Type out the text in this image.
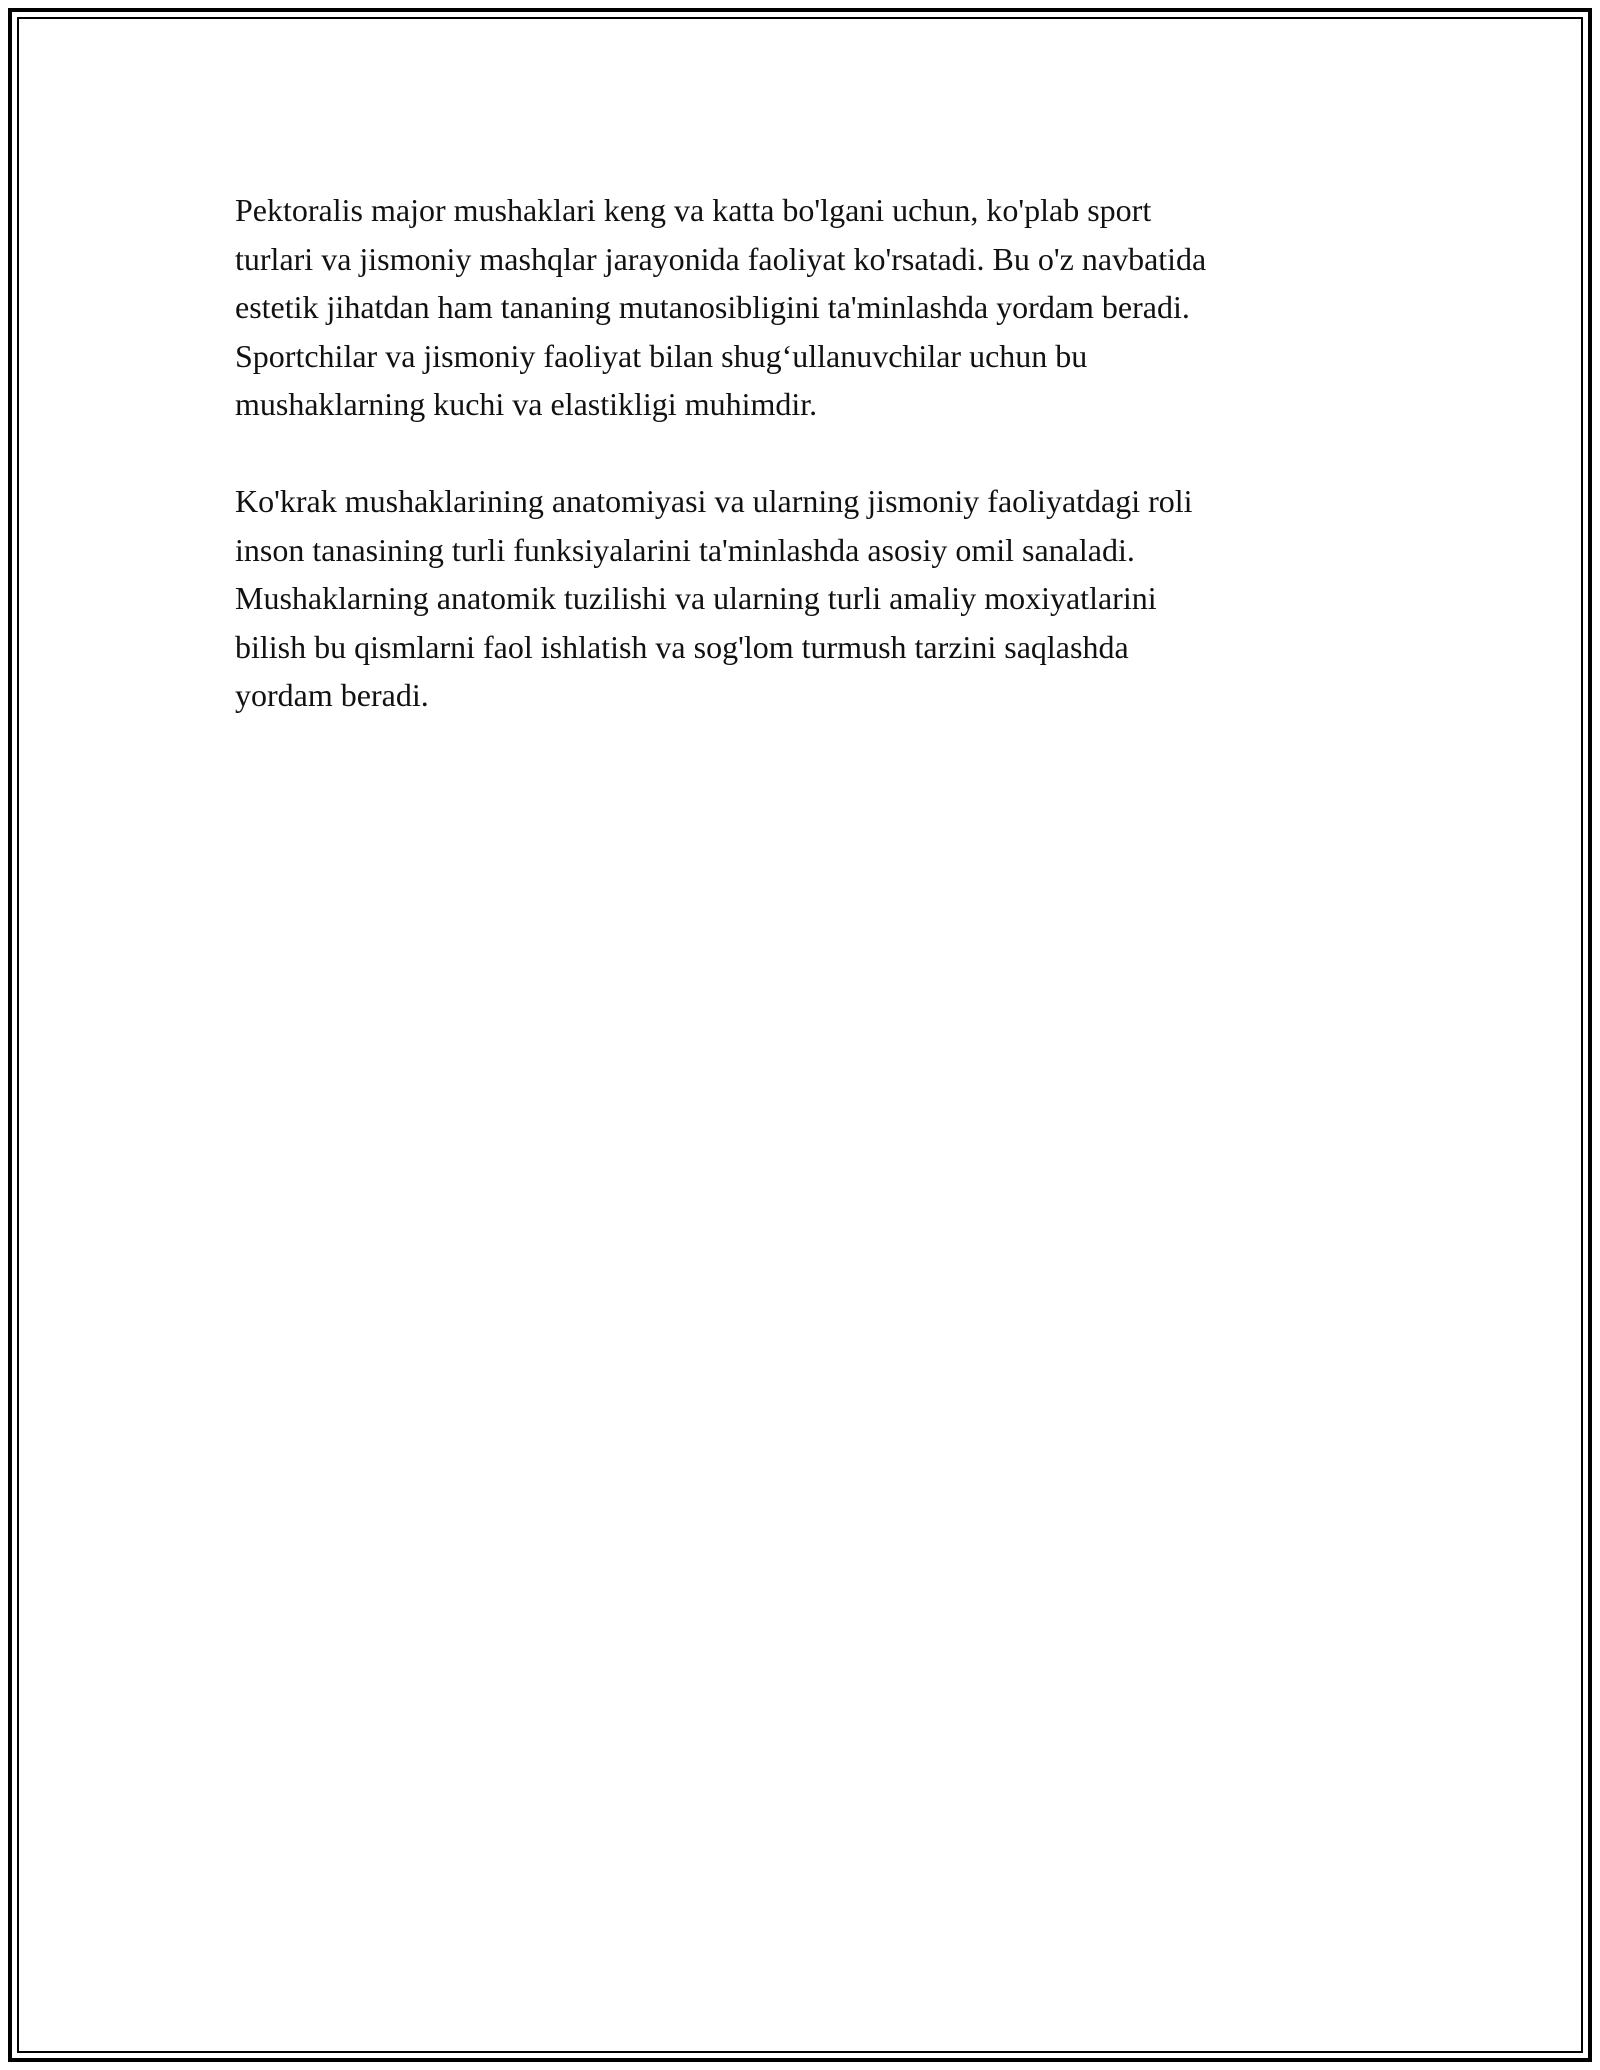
Pektoralis major mushaklari keng va katta bo'lgani uchun, ko'plab sport
turlari va jismoniy mashqlar jarayonida faoliyat ko'rsatadi. Bu o'z navbatida
estetik jihatdan ham tananing mutanosibligini ta'minlashda yordam beradi.
Sportchilar va jismoniy faoliyat bilan shug‘ullanuvchilar uchun bu
mushaklarning kuchi va elastikligi muhimdir.

Ko'krak mushaklarining anatomiyasi va ularning jismoniy faoliyatdagi roli
inson tanasining turli funksiyalarini ta'minlashda asosiy omil sanaladi.
Mushaklarning anatomik tuzilishi va ularning turli amaliy moxiyatlarini
bilish bu qismlarni faol ishlatish va sog'lom turmush tarzini saqlashda
yordam beradi.
